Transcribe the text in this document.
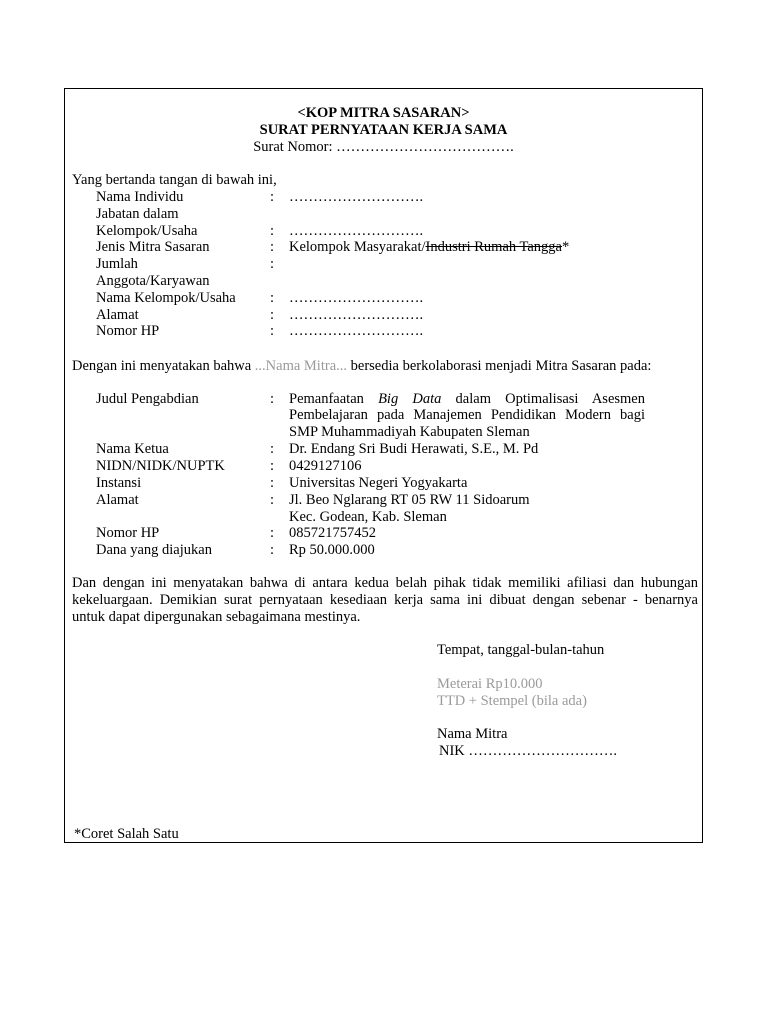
<KOP MITRA SASARAN>
SURAT PERNYATAAN KERJA SAMA
Surat Nomor: ……………………………….
Yang bertanda tangan di bawah ini,
Nama Individu	: ……………………….
Jabatan dalam
Kelompok/Usaha	: ……………………….
Jenis Mitra Sasaran	: Kelompok Masyarakat/Industri Rumah Tangga*
Jumlah	:
Anggota/Karyawan
Nama Kelompok/Usaha : ……………………….
Alamat	: ……………………….
Nomor HP	: ……………………….
Dengan ini menyatakan bahwa ...Nama Mitra... bersedia berkolaborasi menjadi Mitra Sasaran pada:
Judul Pengabdian	: Pemanfaatan Big Data dalam Optimalisasi Asesmen
Pembelajaran pada Manajemen Pendidikan Modern bagi
SMP Muhammadiyah Kabupaten Sleman
Nama Ketua	: Dr. Endang Sri Budi Herawati, S.E., M. Pd
NIDN/NIDK/NUPTK	: 0429127106
Instansi	: Universitas Negeri Yogyakarta
Alamat	: Jl. Beo Nglarang RT 05 RW 11 Sidoarum
Kec. Godean, Kab. Sleman
Nomor HP	: 085721757452
Dana yang diajukan	: Rp 50.000.000
Dan dengan ini menyatakan bahwa di antara kedua belah pihak tidak memiliki afiliasi dan hubungan
kekeluargaan. Demikian surat pernyataan kesediaan kerja sama ini dibuat dengan sebenar - benarnya
untuk dapat dipergunakan sebagaimana mestinya.
Tempat, tanggal-bulan-tahun
Meterai Rp10.000
TTD + Stempel (bila ada)
Nama Mitra
NIK ………………………….
*Coret Salah Satu
